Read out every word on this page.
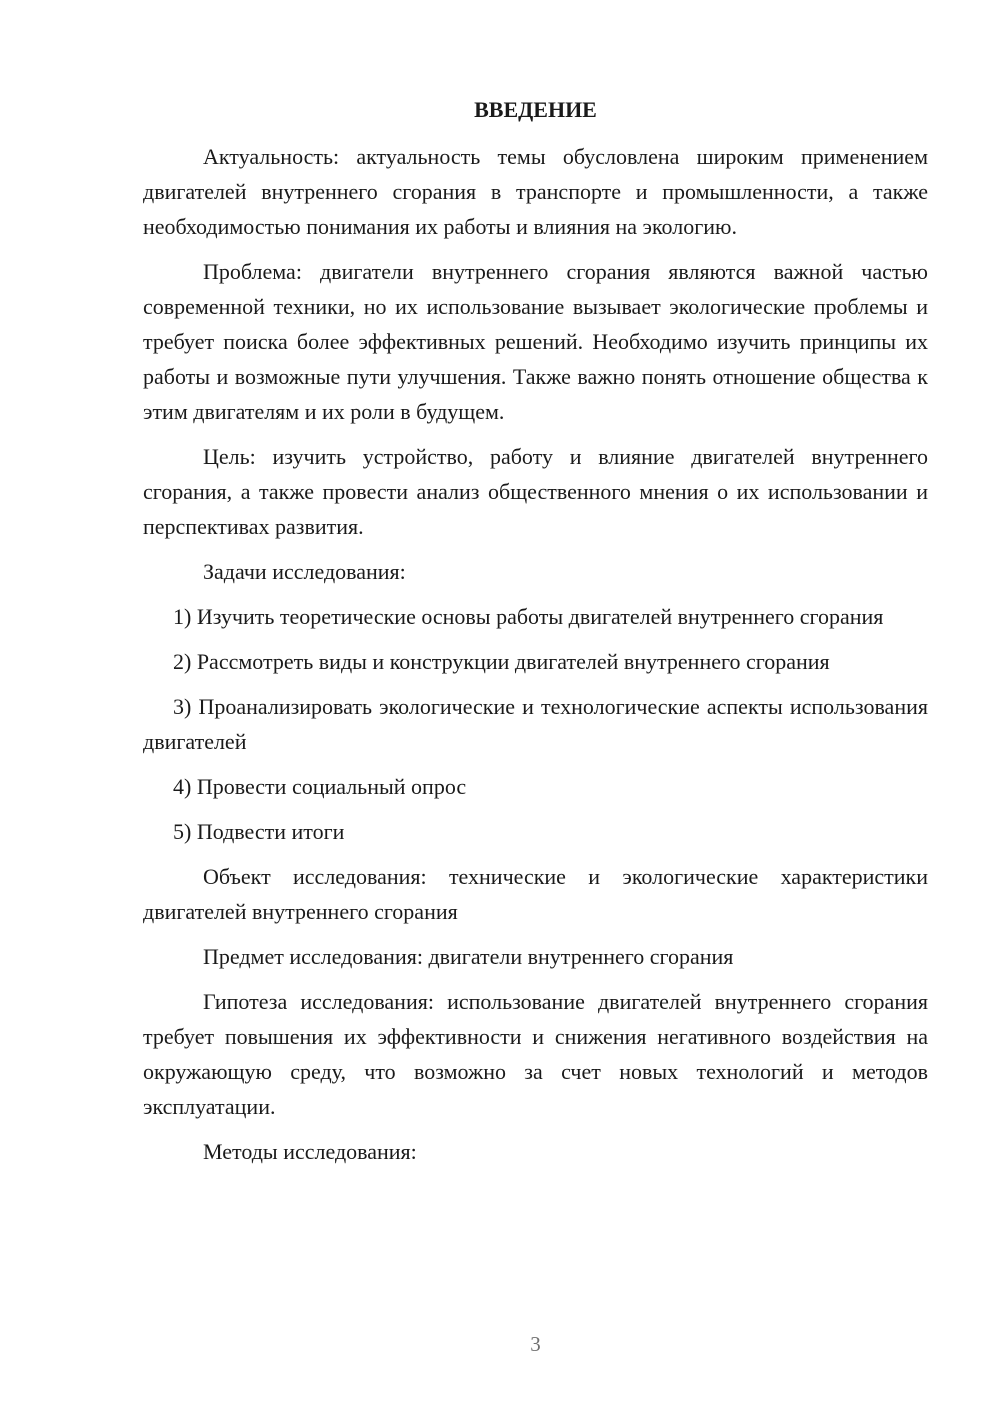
ВВЕДЕНИЕ

Актуальность: актуальность темы обусловлена широким применением двигателей внутреннего сгорания в транспорте и промышленности, а также необходимостью понимания их работы и влияния на экологию.

Проблема: двигатели внутреннего сгорания являются важной частью современной техники, но их использование вызывает экологические проблемы и требует поиска более эффективных решений. Необходимо изучить принципы их работы и возможные пути улучшения. Также важно понять отношение общества к этим двигателям и их роли в будущем.

Цель: изучить устройство, работу и влияние двигателей внутреннего сгорания, а также провести анализ общественного мнения о их использовании и перспективах развития.

Задачи исследования:

1) Изучить теоретические основы работы двигателей внутреннего сгорания

2) Рассмотреть виды и конструкции двигателей внутреннего сгорания

3) Проанализировать экологические и технологические аспекты использования двигателей

4) Провести социальный опрос

5) Подвести итоги

Объект исследования: технические и экологические характеристики двигателей внутреннего сгорания

Предмет исследования: двигатели внутреннего сгорания

Гипотеза исследования: использование двигателей внутреннего сгорания требует повышения их эффективности и снижения негативного воздействия на окружающую среду, что возможно за счет новых технологий и методов эксплуатации.

Методы исследования:

3
